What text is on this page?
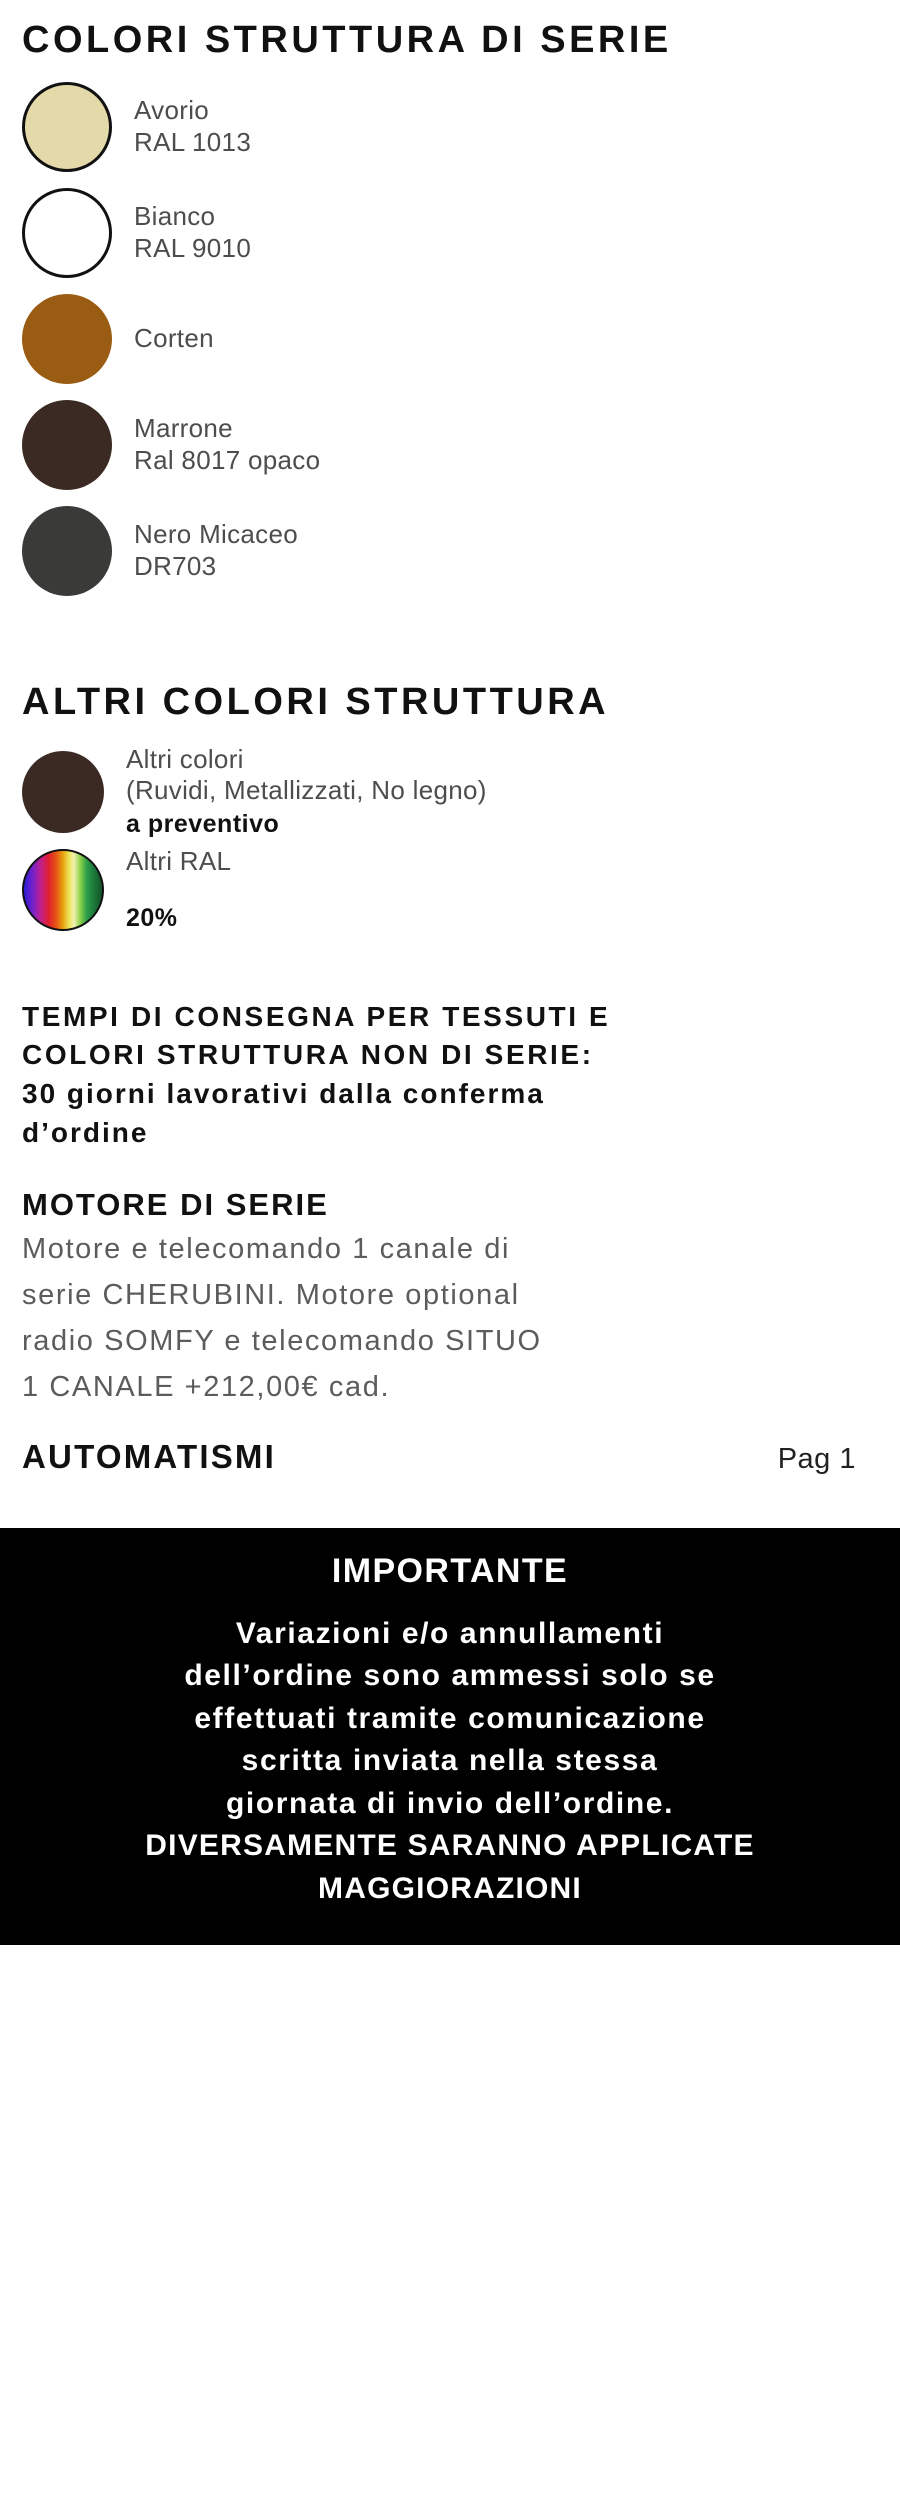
COLORI STRUTTURA DI SERIE
Avorio
RAL 1013
Bianco
RAL 9010
Corten
Marrone
Ral 8017 opaco
Nero Micaceo
DR703
ALTRI COLORI STRUTTURA
Altri colori
(Ruvidi, Metallizzati, No legno)
a preventivo
Altri RAL
20%
TEMPI DI CONSEGNA PER TESSUTI E
COLORI STRUTTURA NON DI SERIE:
30 giorni lavorativi dalla conferma
d’ordine
MOTORE DI SERIE
Motore e telecomando 1 canale di
serie CHERUBINI. Motore optional
radio SOMFY e telecomando SITUO
1 CANALE +212,00€ cad.
AUTOMATISMI	Pag 1
IMPORTANTE
Variazioni e/o annullamenti
dell’ordine sono ammessi solo se
effettuati tramite comunicazione
scritta inviata nella stessa
giornata di invio dell’ordine.
DIVERSAMENTE SARANNO APPLICATE MAGGIORAZIONI
